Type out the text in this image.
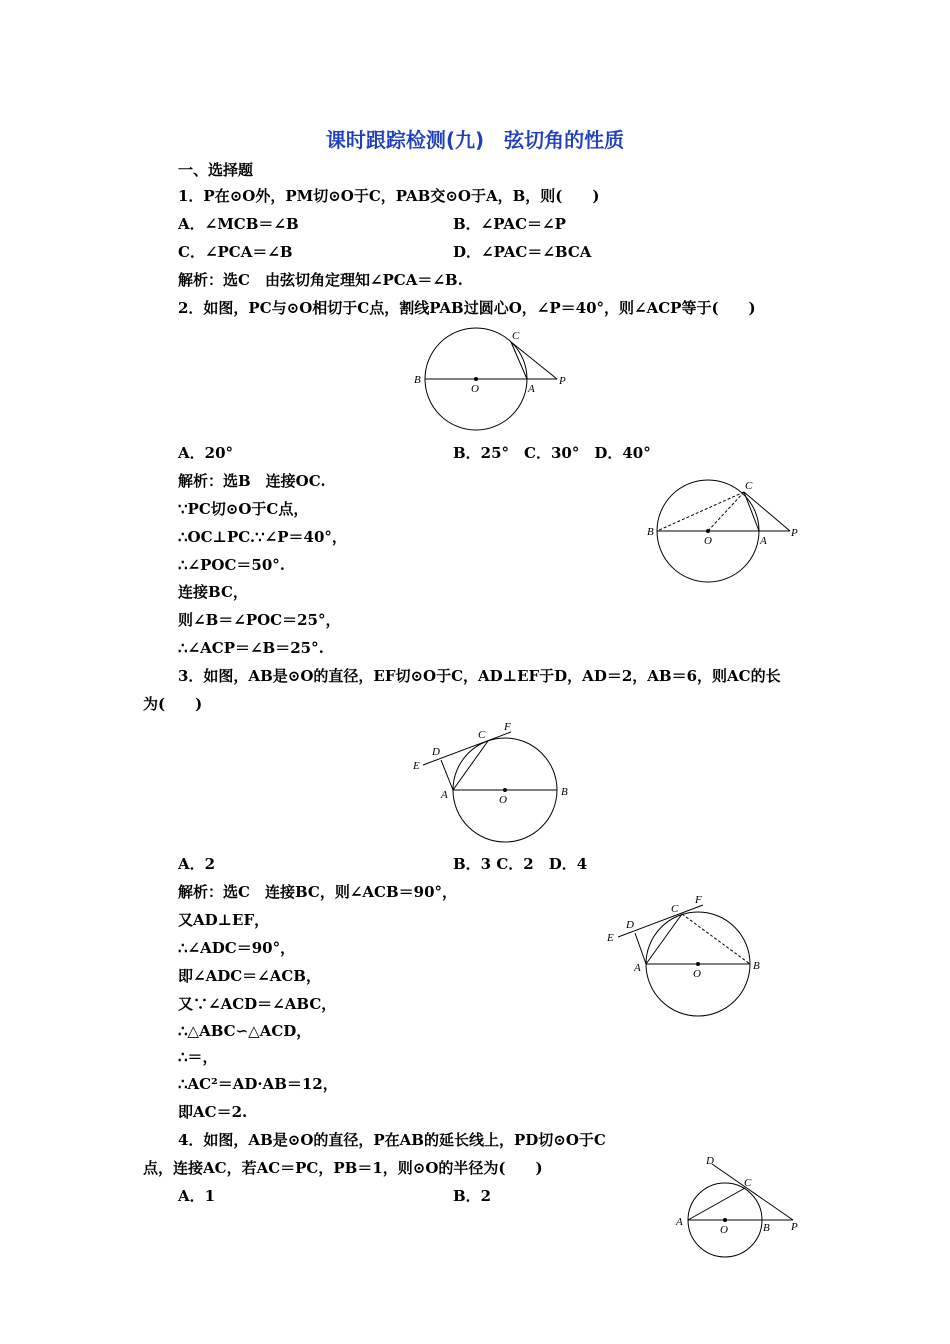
课时跟踪检测(九)　弦切角的性质
一、选择题
1．P在⊙O外，PM切⊙O于C，PAB交⊙O于A，B，则(　　)
A．∠MCB＝∠B	B．∠PAC＝∠P
C．∠PCA＝∠B	D．∠PAC＝∠BCA
解析：选C　由弦切角定理知∠PCA＝∠B.
2．如图，PC与⊙O相切于C点，割线PAB过圆心O，∠P＝40°，则∠ACP等于(　　)
B
O	A
P
C
A．20°	B．25°　C．30°　D．40°
解析：选B　连接OC.
∵PC切⊙O于C点，
∴OC⊥PC.∵∠P＝40°，
∴∠POC＝50°.
连接BC，
则∠B＝∠POC＝25°，
∴∠ACP＝∠B＝25°.
B
O	A
P
C
3．如图，AB是⊙O的直径，EF切⊙O于C，AD⊥EF于D，AD＝2，AB＝6，则AC的长
为(　　)
E
D
C
F
A	O
B
A．2	B．3 C．2　D．4
解析：选C　连接BC，则∠ACB＝90°，
又AD⊥EF，
∴∠ADC＝90°，
即∠ADC＝∠ACB，
又∵∠ACD＝∠ABC，
∴△ABC∽△ACD，
∴＝，
∴AC²＝AD·AB＝12，
即AC＝2.
E
D
C
F
A	O
B
4．如图，AB是⊙O的直径，P在AB的延长线上，PD切⊙O于C
点，连接AC，若AC＝PC，PB＝1，则⊙O的半径为(　　)
A．1	B．2
D
C
A
O	B P
